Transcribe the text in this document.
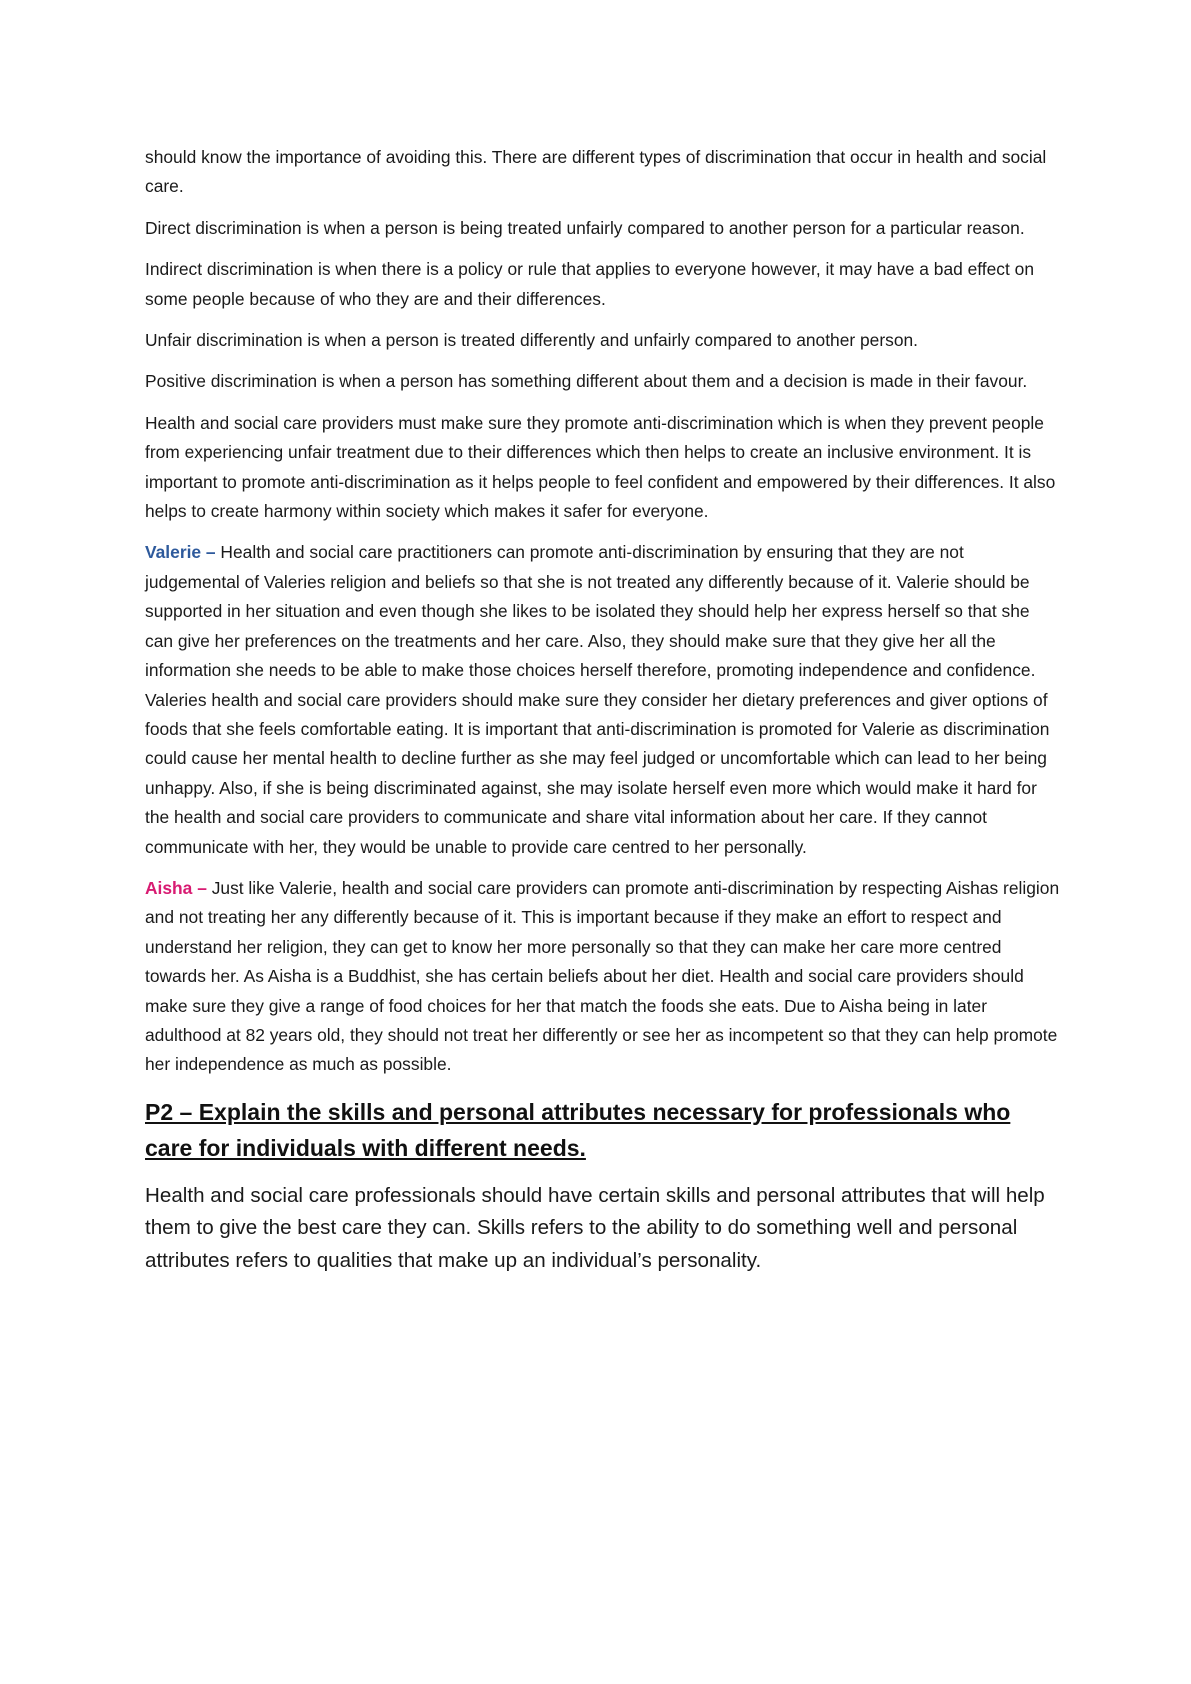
should know the importance of avoiding this. There are different types of discrimination that occur in health and social care.

Direct discrimination is when a person is being treated unfairly compared to another person for a particular reason.

Indirect discrimination is when there is a policy or rule that applies to everyone however, it may have a bad effect on some people because of who they are and their differences.

Unfair discrimination is when a person is treated differently and unfairly compared to another person.

Positive discrimination is when a person has something different about them and a decision is made in their favour.

Health and social care providers must make sure they promote anti-discrimination which is when they prevent people from experiencing unfair treatment due to their differences which then helps to create an inclusive environment. It is important to promote anti-discrimination as it helps people to feel confident and empowered by their differences. It also helps to create harmony within society which makes it safer for everyone.

Valerie – Health and social care practitioners can promote anti-discrimination by ensuring that they are not judgemental of Valeries religion and beliefs so that she is not treated any differently because of it. Valerie should be supported in her situation and even though she likes to be isolated they should help her express herself so that she can give her preferences on the treatments and her care. Also, they should make sure that they give her all the information she needs to be able to make those choices herself therefore, promoting independence and confidence. Valeries health and social care providers should make sure they consider her dietary preferences and giver options of foods that she feels comfortable eating. It is important that anti-discrimination is promoted for Valerie as discrimination could cause her mental health to decline further as she may feel judged or uncomfortable which can lead to her being unhappy. Also, if she is being discriminated against, she may isolate herself even more which would make it hard for the health and social care providers to communicate and share vital information about her care. If they cannot communicate with her, they would be unable to provide care centred to her personally.

Aisha – Just like Valerie, health and social care providers can promote anti-discrimination by respecting Aishas religion and not treating her any differently because of it. This is important because if they make an effort to respect and understand her religion, they can get to know her more personally so that they can make her care more centred towards her. As Aisha is a Buddhist, she has certain beliefs about her diet. Health and social care providers should make sure they give a range of food choices for her that match the foods she eats. Due to Aisha being in later adulthood at 82 years old, they should not treat her differently or see her as incompetent so that they can help promote her independence as much as possible.

P2 – Explain the skills and personal attributes necessary for professionals who care for individuals with different needs.

Health and social care professionals should have certain skills and personal attributes that will help them to give the best care they can. Skills refers to the ability to do something well and personal attributes refers to qualities that make up an individual’s personality.
